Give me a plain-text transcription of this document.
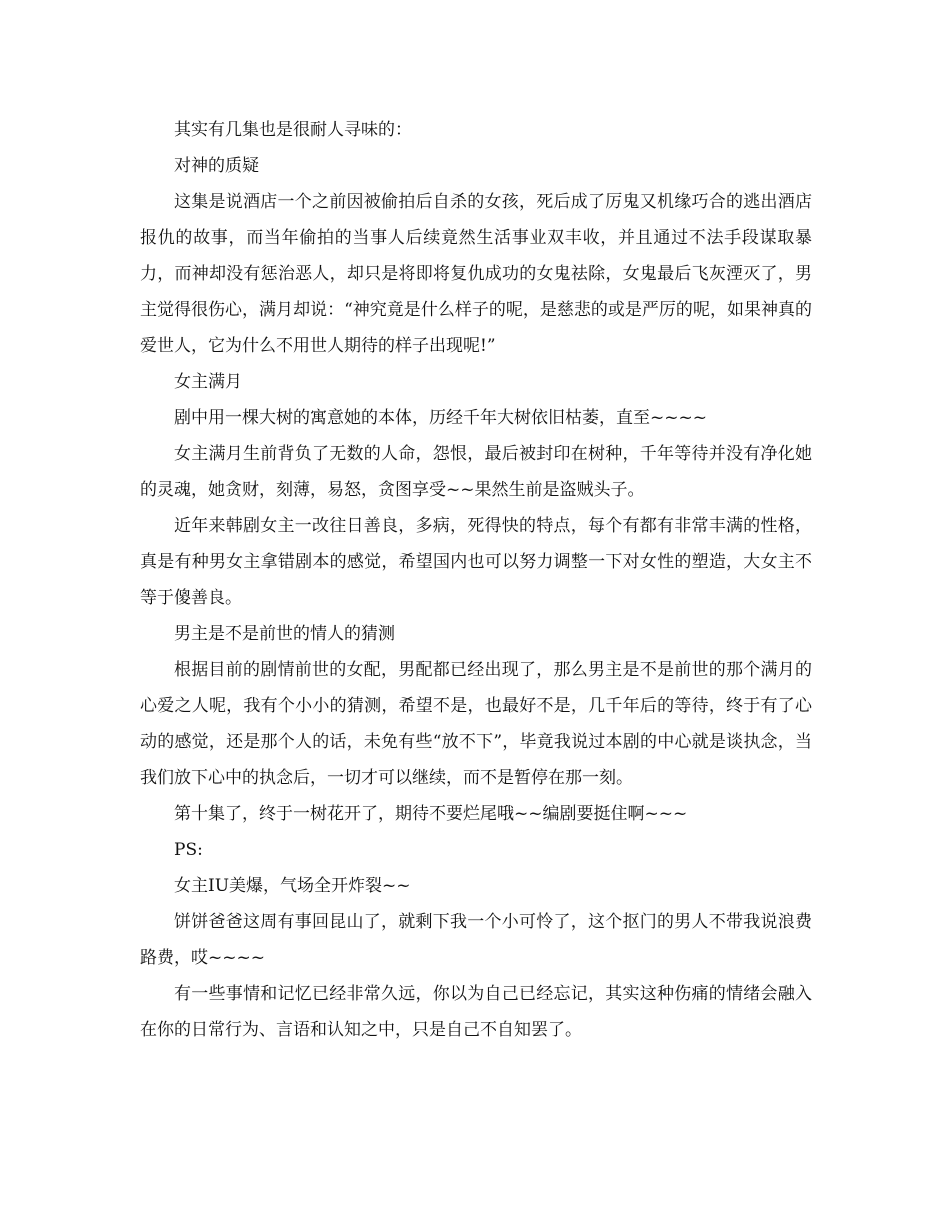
其实有几集也是很耐人寻味的：

对神的质疑

这集是说酒店一个之前因被偷拍后自杀的女孩，死后成了厉鬼又机缘巧合的逃出酒店报仇的故事，而当年偷拍的当事人后续竟然生活事业双丰收，并且通过不法手段谋取暴力，而神却没有惩治恶人，却只是将即将复仇成功的女鬼祛除，女鬼最后飞灰湮灭了，男主觉得很伤心，满月却说：“神究竟是什么样子的呢，是慈悲的或是严厉的呢，如果神真的爱世人，它为什么不用世人期待的样子出现呢!”

女主满月

剧中用一棵大树的寓意她的本体，历经千年大树依旧枯萎，直至~~~~

女主满月生前背负了无数的人命，怨恨，最后被封印在树种，千年等待并没有净化她的灵魂，她贪财，刻薄，易怒，贪图享受~~果然生前是盗贼头子。

近年来韩剧女主一改往日善良，多病，死得快的特点，每个有都有非常丰满的性格，真是有种男女主拿错剧本的感觉，希望国内也可以努力调整一下对女性的塑造，大女主不等于傻善良。

男主是不是前世的情人的猜测

根据目前的剧情前世的女配，男配都已经出现了，那么男主是不是前世的那个满月的心爱之人呢，我有个小小的猜测，希望不是，也最好不是，几千年后的等待，终于有了心动的感觉，还是那个人的话，未免有些“放不下”，毕竟我说过本剧的中心就是谈执念，当我们放下心中的执念后，一切才可以继续，而不是暂停在那一刻。

第十集了，终于一树花开了，期待不要烂尾哦~~编剧要挺住啊~~~

PS:

女主IU美爆，气场全开炸裂~~

饼饼爸爸这周有事回昆山了，就剩下我一个小可怜了，这个抠门的男人不带我说浪费路费，哎~~~~

有一些事情和记忆已经非常久远，你以为自己已经忘记，其实这种伤痛的情绪会融入在你的日常行为、言语和认知之中，只是自己不自知罢了。
